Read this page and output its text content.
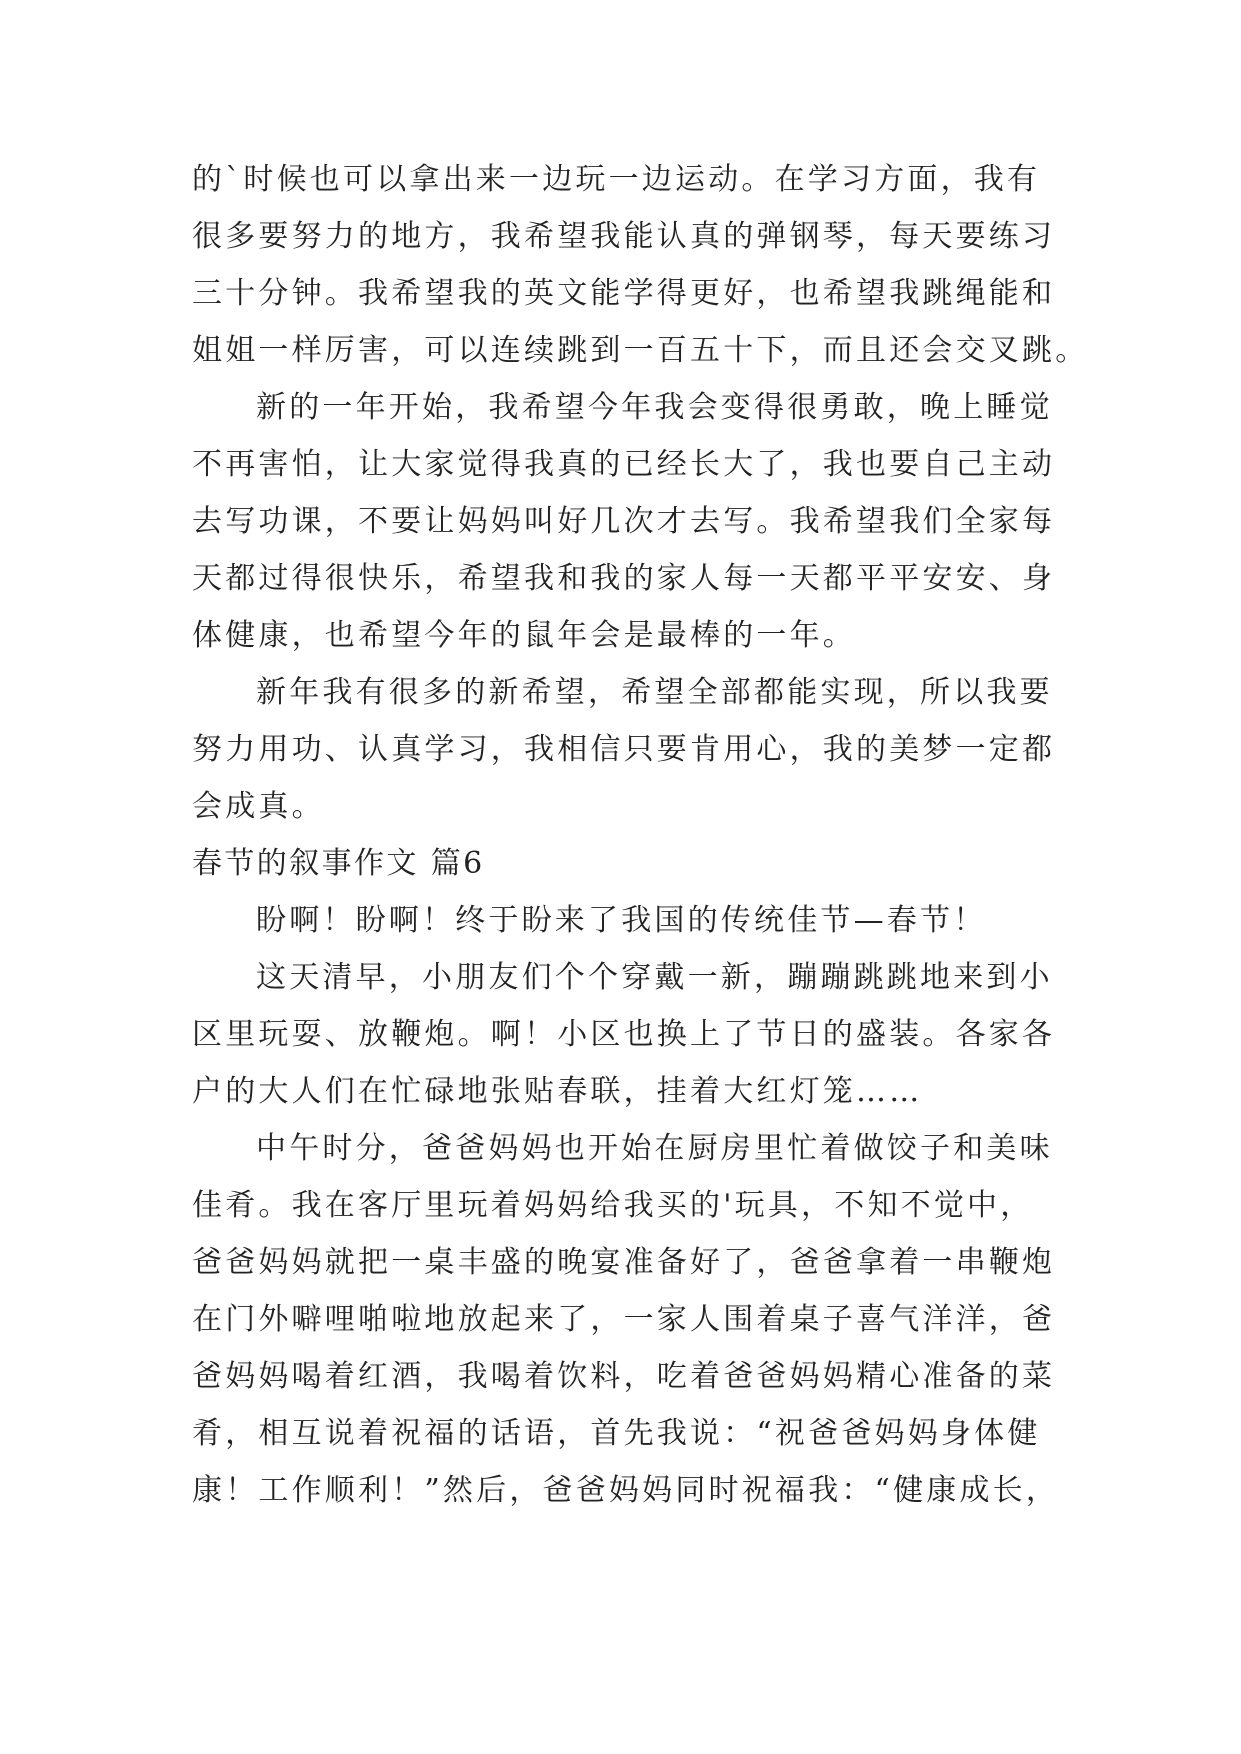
的`时候也可以拿出来一边玩一边运动。在学习方面，我有
很多要努力的地方，我希望我能认真的弹钢琴，每天要练习
三十分钟。我希望我的英文能学得更好，也希望我跳绳能和
姐姐一样厉害，可以连续跳到一百五十下，而且还会交叉跳。
新的一年开始，我希望今年我会变得很勇敢，晚上睡觉
不再害怕，让大家觉得我真的已经长大了，我也要自己主动
去写功课，不要让妈妈叫好几次才去写。我希望我们全家每
天都过得很快乐，希望我和我的家人每一天都平平安安、身
体健康，也希望今年的鼠年会是最棒的一年。
新年我有很多的新希望，希望全部都能实现，所以我要
努力用功、认真学习，我相信只要肯用心，我的美梦一定都
会成真。
春节的叙事作文 篇6
盼啊！盼啊！终于盼来了我国的传统佳节—春节！
这天清早，小朋友们个个穿戴一新，蹦蹦跳跳地来到小
区里玩耍、放鞭炮。啊！小区也换上了节日的盛装。各家各
户的大人们在忙碌地张贴春联，挂着大红灯笼……
中午时分，爸爸妈妈也开始在厨房里忙着做饺子和美味
佳肴。我在客厅里玩着妈妈给我买的'玩具，不知不觉中，
爸爸妈妈就把一桌丰盛的晚宴准备好了，爸爸拿着一串鞭炮
在门外噼哩啪啦地放起来了，一家人围着桌子喜气洋洋，爸
爸妈妈喝着红酒，我喝着饮料，吃着爸爸妈妈精心准备的菜
肴，相互说着祝福的话语，首先我说：“祝爸爸妈妈身体健
康！工作顺利！”然后，爸爸妈妈同时祝福我：“健康成长，
